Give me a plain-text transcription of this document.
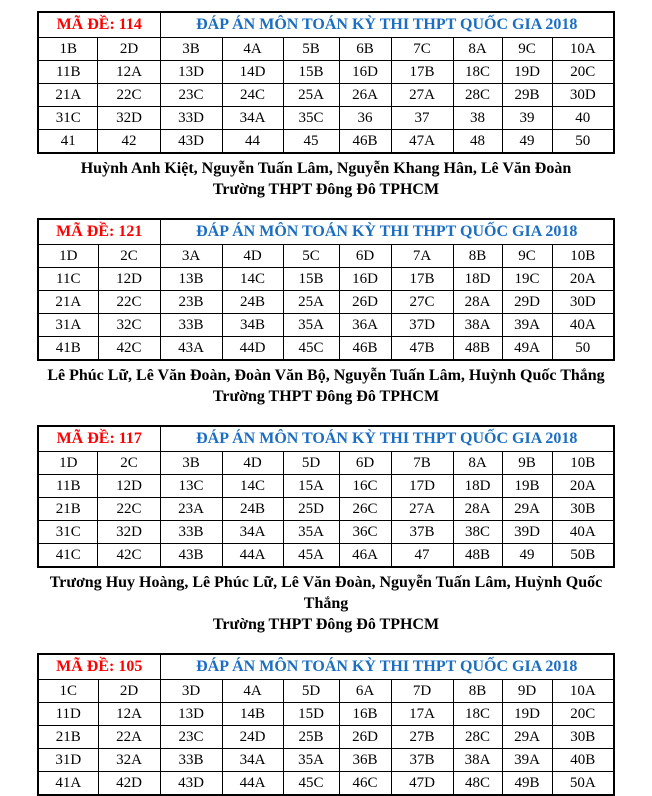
MÃ ĐỀ: 114		ĐÁP ÁN MÔN TOÁN KỲ THI THPT QUỐC GIA 2018							
1B	2D	3B	4A	5B	6B	7C	8A	9C	10A
11B	12A	13D	14D	15B	16D	17B	18C	19D	20C
21A	22C	23C	24C	25A	26A	27A	28C	29B	30D
31C	32D	33D	34A	35C	36	37	38	39	40
41	42	43D	44	45	46B	47A	48	49	50

Huỳnh Anh Kiệt, Nguyễn Tuấn Lâm, Nguyễn Khang Hân, Lê Văn Đoàn

Trường THPT Đông Đô TPHCM

MÃ ĐỀ: 121		ĐÁP ÁN MÔN TOÁN KỲ THI THPT QUỐC GIA 2018							
1D	2C	3A	4D	5C	6D	7A	8B	9C	10B
11C	12D	13B	14C	15B	16D	17B	18D	19C	20A
21A	22C	23B	24B	25A	26D	27C	28A	29D	30D
31A	32C	33B	34B	35A	36A	37D	38A	39A	40A
41B	42C	43A	44D	45C	46B	47B	48B	49A	50

Lê Phúc Lữ, Lê Văn Đoàn, Đoàn Văn Bộ, Nguyễn Tuấn Lâm, Huỳnh Quốc Thắng

Trường THPT Đông Đô TPHCM

MÃ ĐỀ: 117		ĐÁP ÁN MÔN TOÁN KỲ THI THPT QUỐC GIA 2018							
1D	2C	3B	4D	5D	6D	7B	8A	9B	10B
11B	12D	13C	14C	15A	16C	17D	18D	19B	20A
21B	22C	23A	24B	25D	26C	27A	28A	29A	30B
31C	32D	33B	34A	35A	36C	37B	38C	39D	40A
41C	42C	43B	44A	45A	46A	47	48B	49	50B

Trương Huy Hoàng, Lê Phúc Lữ, Lê Văn Đoàn, Nguyễn Tuấn Lâm, Huỳnh Quốc

Thắng

Trường THPT Đông Đô TPHCM

MÃ ĐỀ: 105		ĐÁP ÁN MÔN TOÁN KỲ THI THPT QUỐC GIA 2018							
1C	2D	3D	4A	5D	6A	7D	8B	9D	10A
11D	12A	13D	14B	15D	16B	17A	18C	19D	20C
21B	22A	23C	24D	25B	26D	27B	28C	29A	30B
31D	32A	33B	34A	35A	36B	37B	38A	39A	40B
41A	42D	43D	44A	45C	46C	47D	48C	49B	50A
